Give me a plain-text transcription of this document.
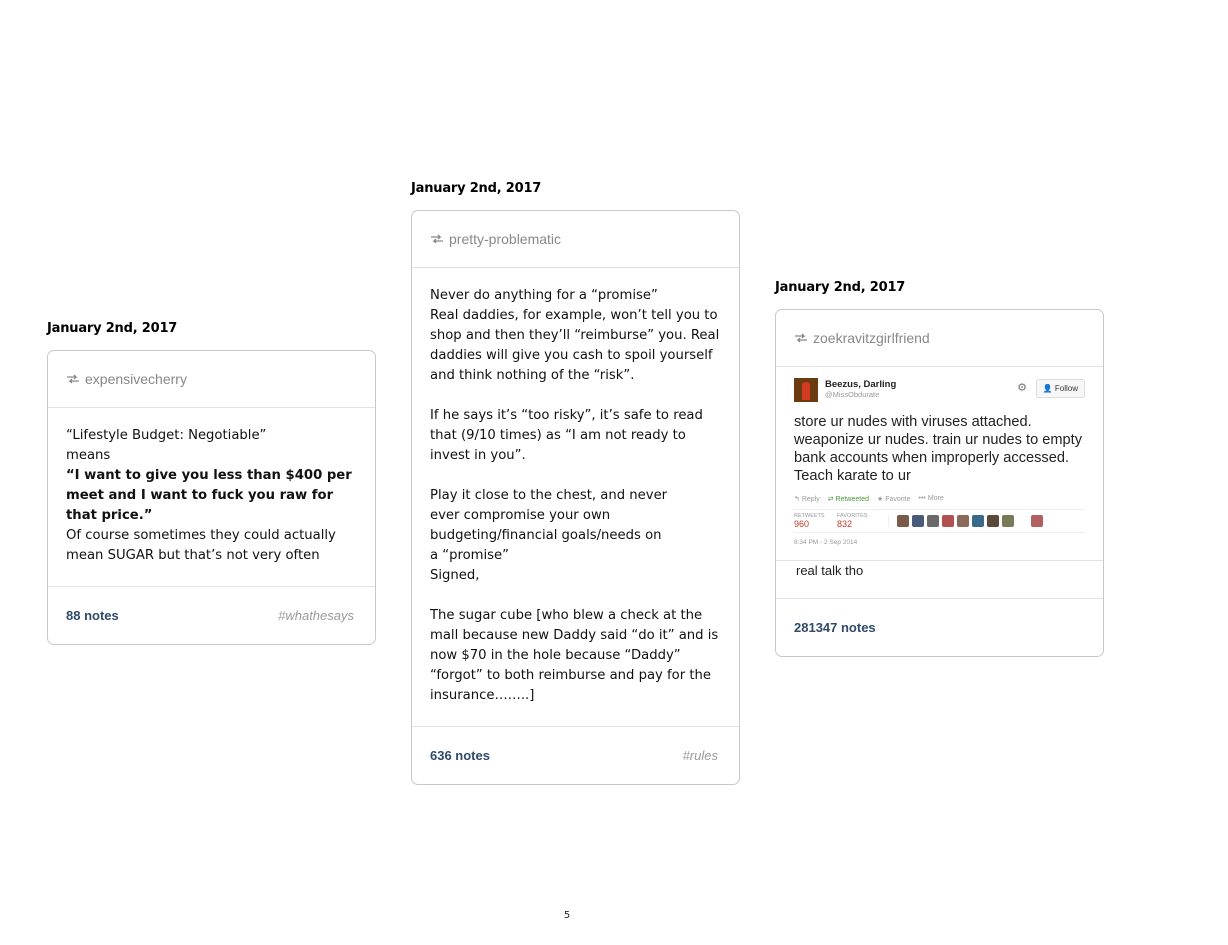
January 2nd, 2017
expensivecherry

“Lifestyle Budget: Negotiable”

means

“I want to give you less than $400 per meet and I want to fuck you raw for that price.”

Of course sometimes they could actually mean SUGAR but that’s not very often

88 notes	#whathesays
January 2nd, 2017
pretty-problematic

Never do anything for a “promise”

Real daddies, for example, won’t tell you to shop and then they’ll “reimburse” you. Real daddies will give you cash to spoil yourself and think nothing of the “risk”.

If he says it’s “too risky”, it’s safe to read that (9/10 times) as “I am not ready to invest in you”.

Play it close to the chest, and never

ever compromise your own

budgeting/financial goals/needs on

a “promise”

Signed,

The sugar cube [who blew a check at the mall because new Daddy said “do it” and is now $70 in the hole because “Daddy” “forgot” to both reimburse and pay for the insurance……..]

636 notes	#rules
January 2nd, 2017
zoekravitzgirlfriend
Beezus, Darling
@MissObdurate
⚙	👤 Follow
store ur nudes with viruses attached. weaponize ur nudes. train ur nudes to empty bank accounts when improperly accessed. Teach karate to ur
↰ Reply ⇄ Retweeted ★ Favorite ••• More
RETWEETS
960
FAVORITES
832
8:34 PM - 2 Sep 2014
real talk tho
281347 notes
5
